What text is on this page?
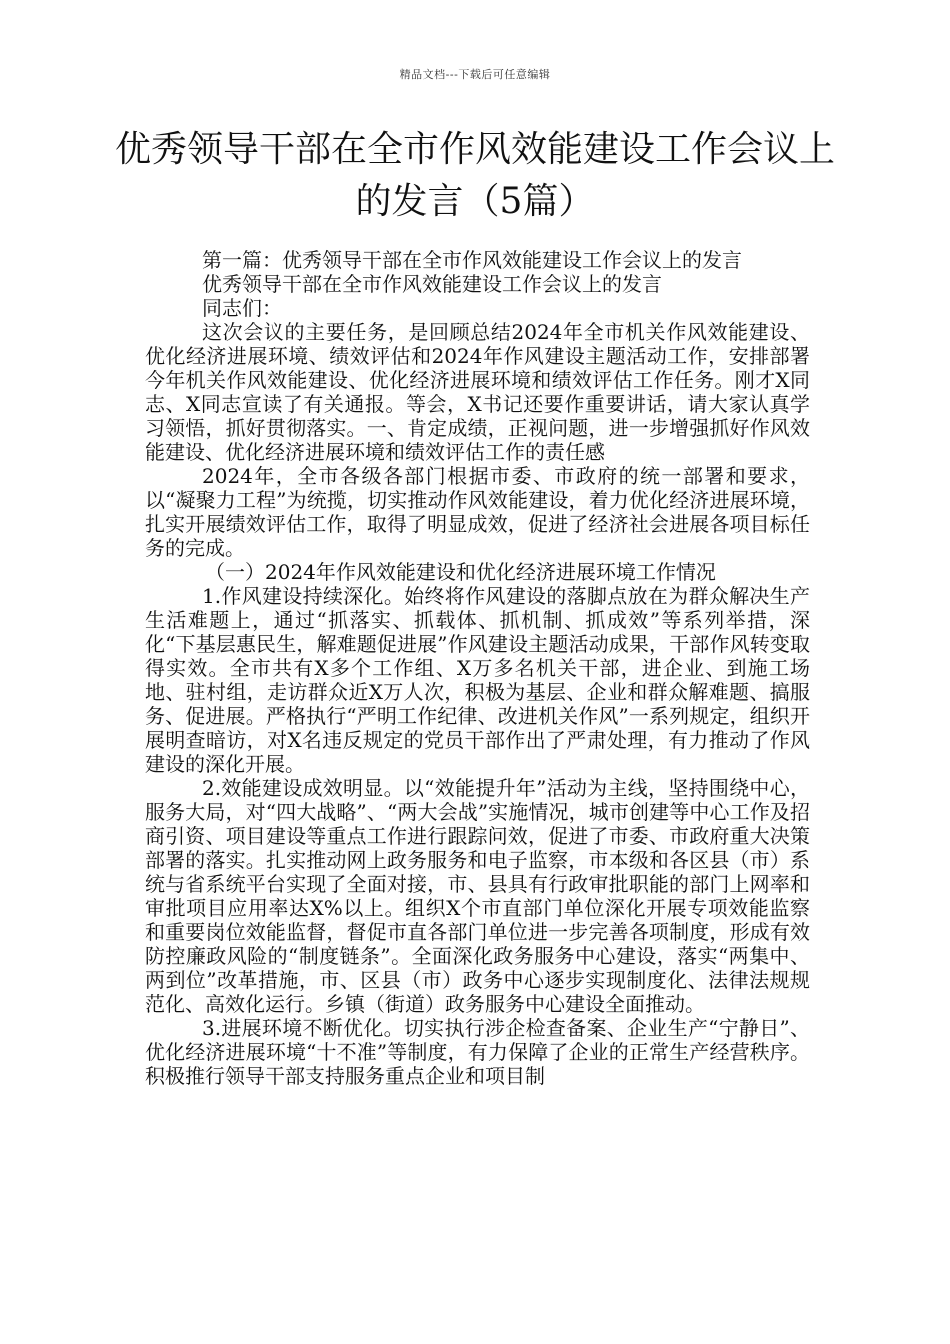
精品文档---下载后可任意编辑
优秀领导干部在全市作风效能建设工作会议上的发言（5篇）

第一篇：优秀领导干部在全市作风效能建设工作会议上的发言

优秀领导干部在全市作风效能建设工作会议上的发言

同志们：

这次会议的主要任务，是回顾总结2024年全市机关作风效能建设、优化经济进展环境、绩效评估和2024年作风建设主题活动工作，安排部署今年机关作风效能建设、优化经济进展环境和绩效评估工作任务。刚才X同志、X同志宣读了有关通报。等会，X书记还要作重要讲话，请大家认真学习领悟，抓好贯彻落实。一、肯定成绩，正视问题，进一步增强抓好作风效能建设、优化经济进展环境和绩效评估工作的责任感

2024年，全市各级各部门根据市委、市政府的统一部署和要求，以“凝聚力工程”为统揽，切实推动作风效能建设，着力优化经济进展环境，扎实开展绩效评估工作，取得了明显成效，促进了经济社会进展各项目标任务的完成。

（一）2024年作风效能建设和优化经济进展环境工作情况

1.作风建设持续深化。始终将作风建设的落脚点放在为群众解决生产生活难题上，通过“抓落实、抓载体、抓机制、抓成效”等系列举措，深化“下基层惠民生，解难题促进展”作风建设主题活动成果，干部作风转变取得实效。全市共有X多个工作组、X万多名机关干部，进企业、到施工场地、驻村组，走访群众近X万人次，积极为基层、企业和群众解难题、搞服务、促进展。严格执行“严明工作纪律、改进机关作风”一系列规定，组织开展明查暗访，对X名违反规定的党员干部作出了严肃处理，有力推动了作风建设的深化开展。

2.效能建设成效明显。以“效能提升年”活动为主线，坚持围绕中心，服务大局，对“四大战略”、“两大会战”实施情况，城市创建等中心工作及招商引资、项目建设等重点工作进行跟踪问效，促进了市委、市政府重大决策部署的落实。扎实推动网上政务服务和电子监察，市本级和各区县（市）系统与省系统平台实现了全面对接，市、县具有行政审批职能的部门上网率和审批项目应用率达X%以上。组织X个市直部门单位深化开展专项效能监察和重要岗位效能监督，督促市直各部门单位进一步完善各项制度，形成有效防控廉政风险的“制度链条”。全面深化政务服务中心建设，落实“两集中、两到位”改革措施，市、区县（市）政务中心逐步实现制度化、法律法规规范化、高效化运行。乡镇（街道）政务服务中心建设全面推动。

3.进展环境不断优化。切实执行涉企检查备案、企业生产“宁静日”、优化经济进展环境“十不准”等制度，有力保障了企业的正常生产经营秩序。积极推行领导干部支持服务重点企业和项目制
